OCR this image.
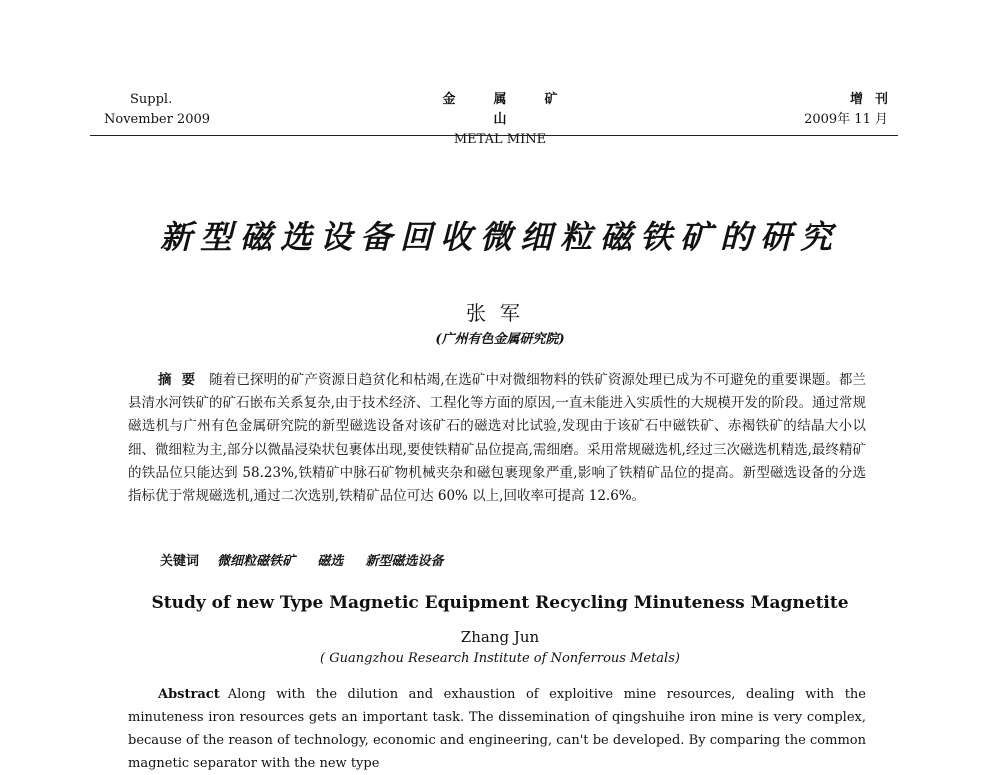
Suppl.
November 2009
金属矿山
METAL MINE
增刊
2009年 11 月
新型磁选设备回收微细粒磁铁矿的研究
张军
(广州有色金属研究院)
摘要 随着已探明的矿产资源日趋贫化和枯竭,在选矿中对微细物料的铁矿资源处理已成为不可避免的重要课题。都兰县清水河铁矿的矿石嵌布关系复杂,由于技术经济、工程化等方面的原因,一直未能进入实质性的大规模开发的阶段。通过常规磁选机与广州有色金属研究院的新型磁选设备对该矿石的磁选对比试验,发现由于该矿石中磁铁矿、赤褐铁矿的结晶大小以细、微细粒为主,部分以微晶浸染状包裹体出现,要使铁精矿品位提高,需细磨。采用常规磁选机,经过三次磁选机精选,最终精矿的铁品位只能达到 58.23%,铁精矿中脉石矿物机械夹杂和磁包裹现象严重,影响了铁精矿品位的提高。新型磁选设备的分选指标优于常规磁选机,通过二次选别,铁精矿品位可达 60% 以上,回收率可提高 12.6%。
关键词 微细粒磁铁矿 磁选 新型磁选设备
Study of new Type Magnetic Equipment Recycling Minuteness Magnetite
Zhang Jun
( Guangzhou Research Institute of Nonferrous Metals)
Abstract Along with the dilution and exhaustion of exploitive mine resources, dealing with the minuteness iron resources gets an important task. The dissemination of qingshuihe iron mine is very complex, because of the reason of technology, economic and engineering, can't be developed. By comparing the common magnetic separator with the new type
